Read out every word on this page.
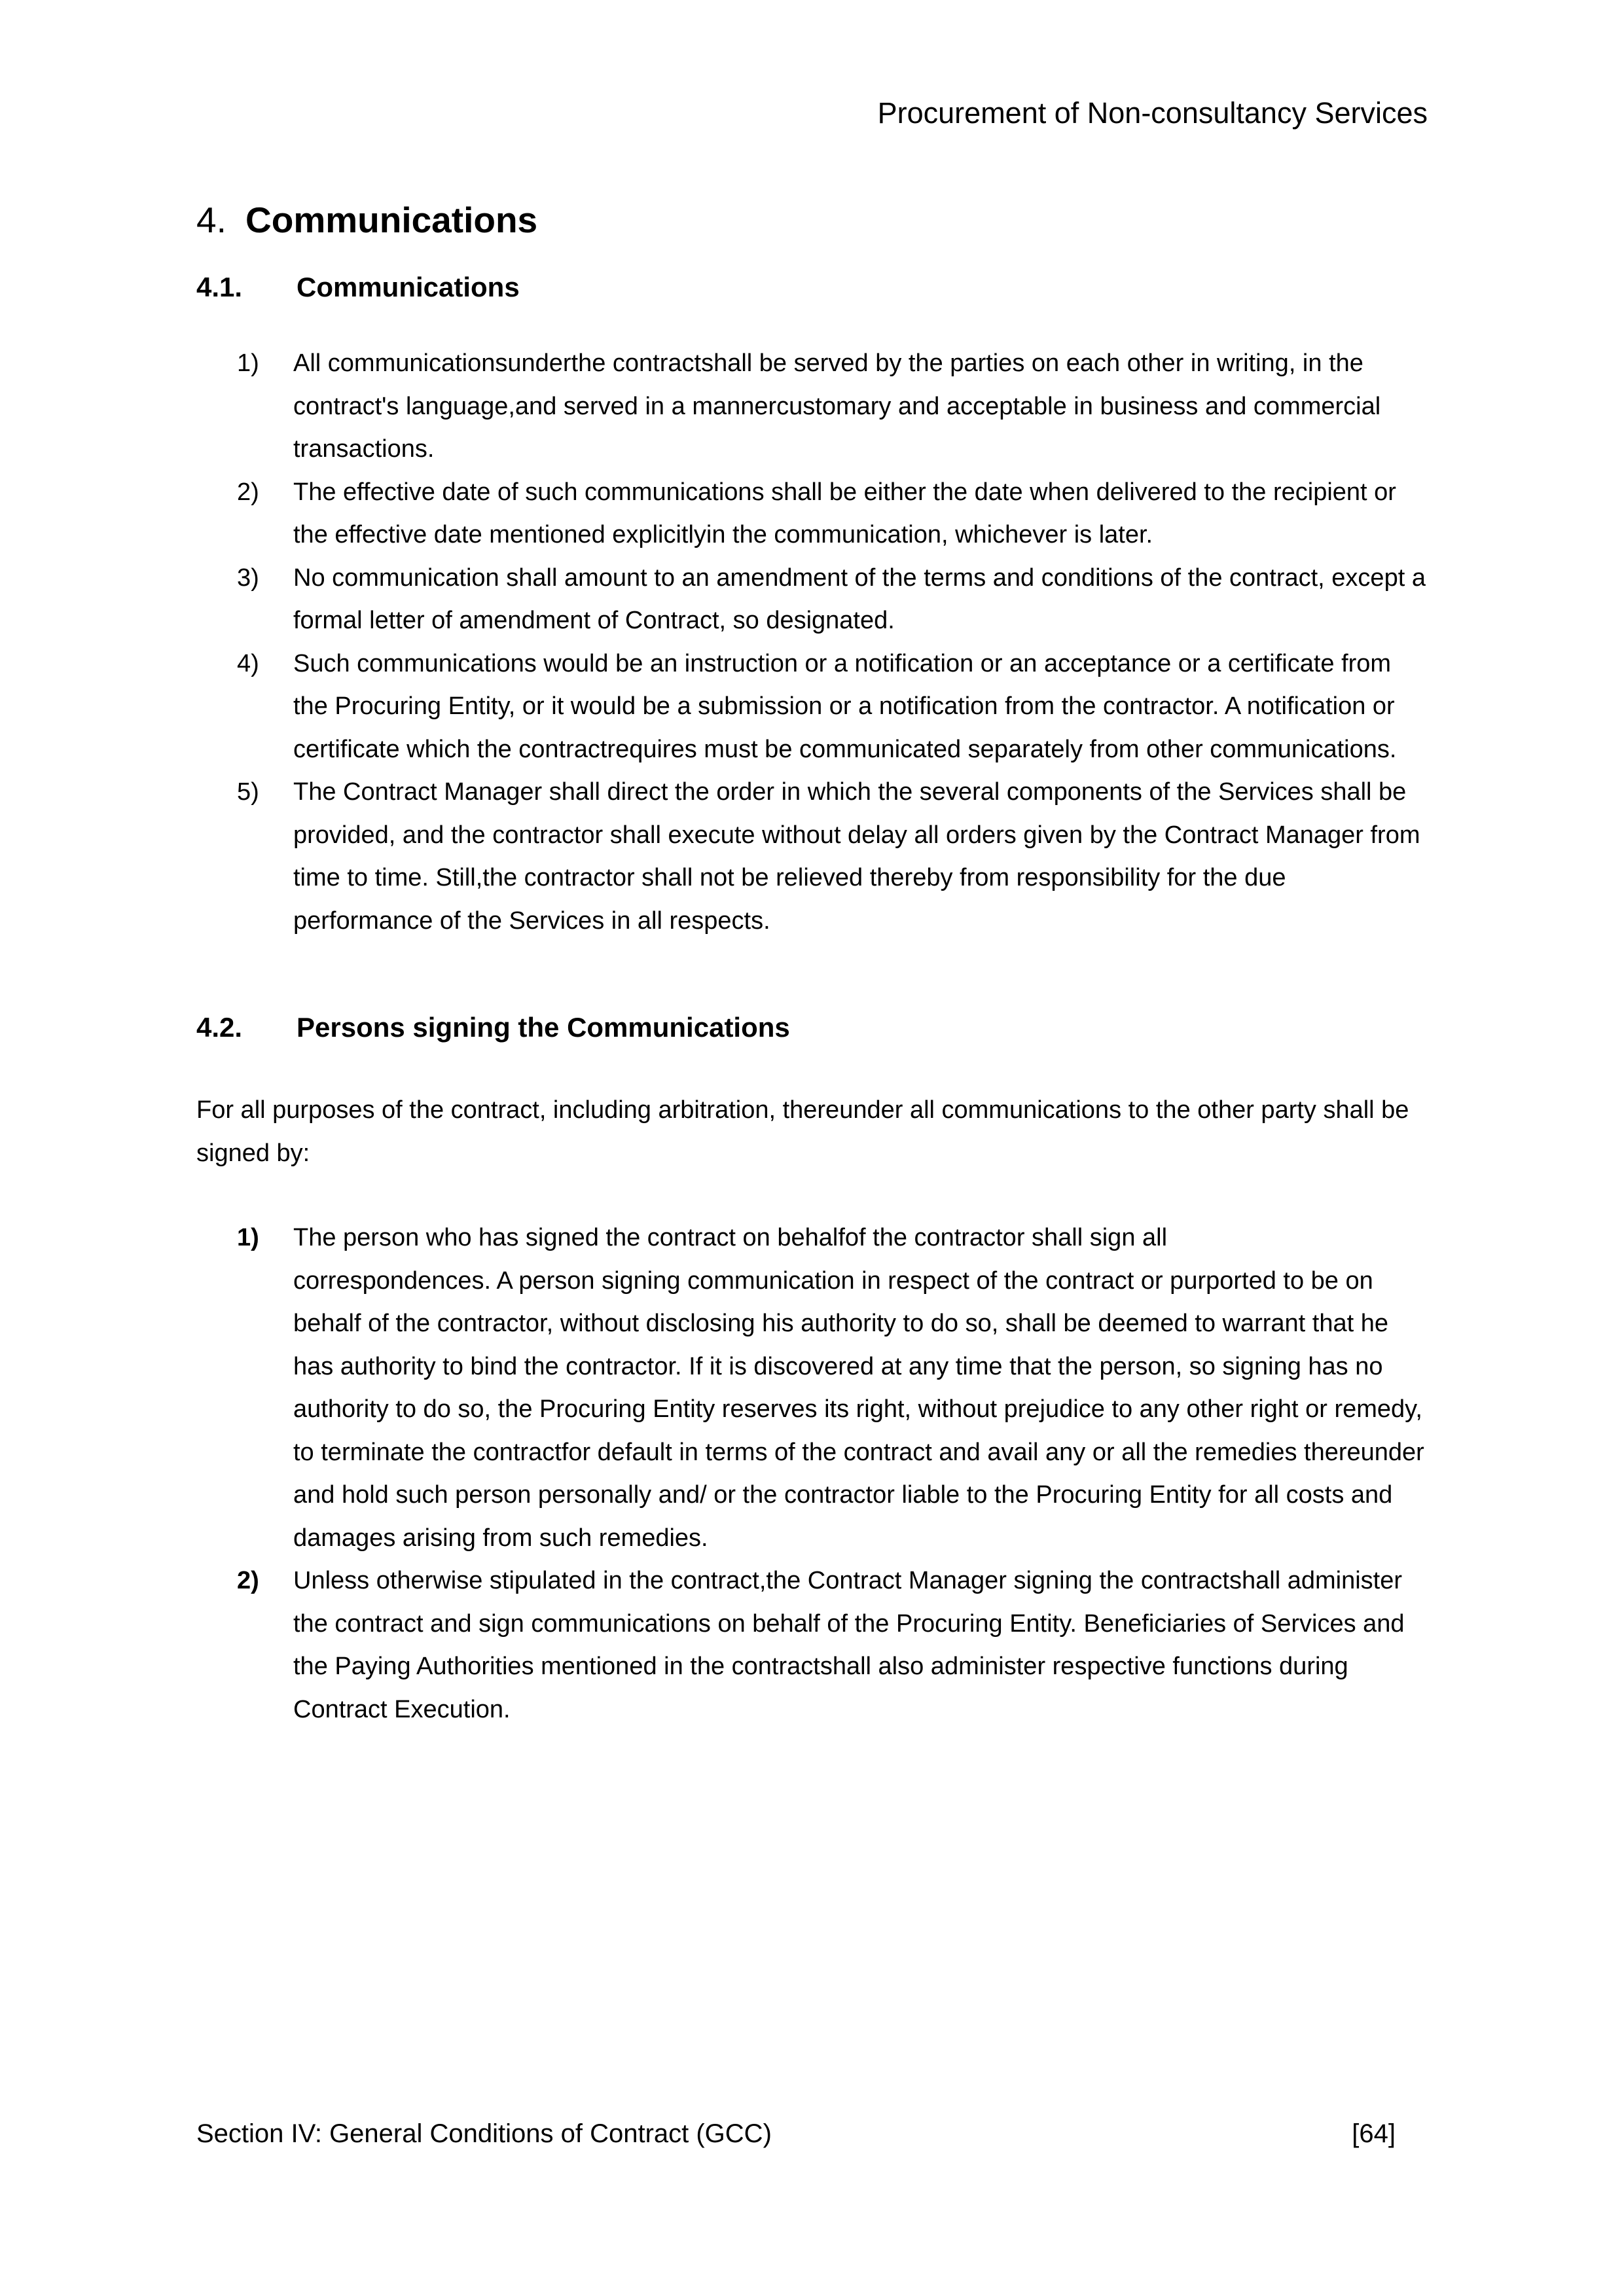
Procurement of Non-consultancy Services
4. Communications
4.1.	Communications
1)	All communicationsunderthe contractshall be served by the parties on each other in writing, in the contract's language,and served in a mannercustomary and acceptable in business and commercial transactions.
2)	The effective date of such communications shall be either the date when delivered to the recipient or the effective date mentioned explicitlyin the communication, whichever is later.
3)	No communication shall amount to an amendment of the terms and conditions of the contract, except a formal letter of amendment of Contract, so designated.
4)	Such communications would be an instruction or a notification or an acceptance or a certificate from the Procuring Entity, or it would be a submission or a notification from the contractor. A notification or certificate which the contractrequires must be communicated separately from other communications.
5)	The Contract Manager shall direct the order in which the several components of the Services shall be provided, and the contractor shall execute without delay all orders given by the Contract Manager from time to time. Still,the contractor shall not be relieved thereby from responsibility for the due performance of the Services in all respects.
4.2.	Persons signing the Communications
For all purposes of the contract, including arbitration, thereunder all communications to the other party shall be signed by:
1)	The person who has signed the contract on behalfof the contractor shall sign all
correspondences. A person signing communication in respect of the contract or purported to be on behalf of the contractor, without disclosing his authority to do so, shall be deemed to warrant that he has authority to bind the contractor. If it is discovered at any time that the person, so signing has no authority to do so, the Procuring Entity reserves its right, without prejudice to any other right or remedy, to terminate the contractfor default in terms of the contract and avail any or all the remedies thereunder and hold such person personally and/ or the contractor liable to the Procuring Entity for all costs and damages arising from such remedies.
2)	Unless otherwise stipulated in the contract,the Contract Manager signing the contractshall administer the contract and sign communications on behalf of the Procuring Entity. Beneficiaries of Services and the Paying Authorities mentioned in the contractshall also administer respective functions during Contract Execution.
Section IV: General Conditions of Contract (GCC)	[64]
